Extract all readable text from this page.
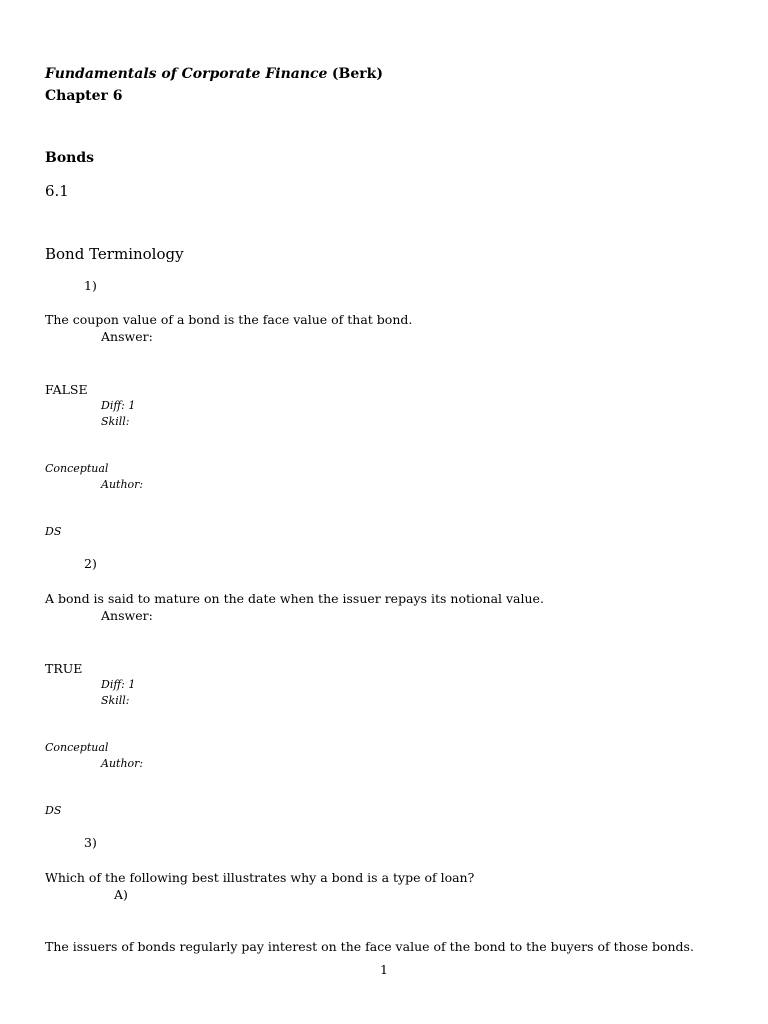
Fundamentals of Corporate Finance (Berk)
Chapter 6
Bonds
6.1
Bond Terminology
1)
The coupon value of a bond is the face value of that bond.
Answer:
FALSE
Diff: 1
Skill:
Conceptual
Author:
DS
2)
A bond is said to mature on the date when the issuer repays its notional value.
Answer:
TRUE
Diff: 1
Skill:
Conceptual
Author:
DS
3)
Which of the following best illustrates why a bond is a type of loan?
A)
The issuers of bonds regularly pay interest on the face value of the bond to the buyers of those bonds.
1
